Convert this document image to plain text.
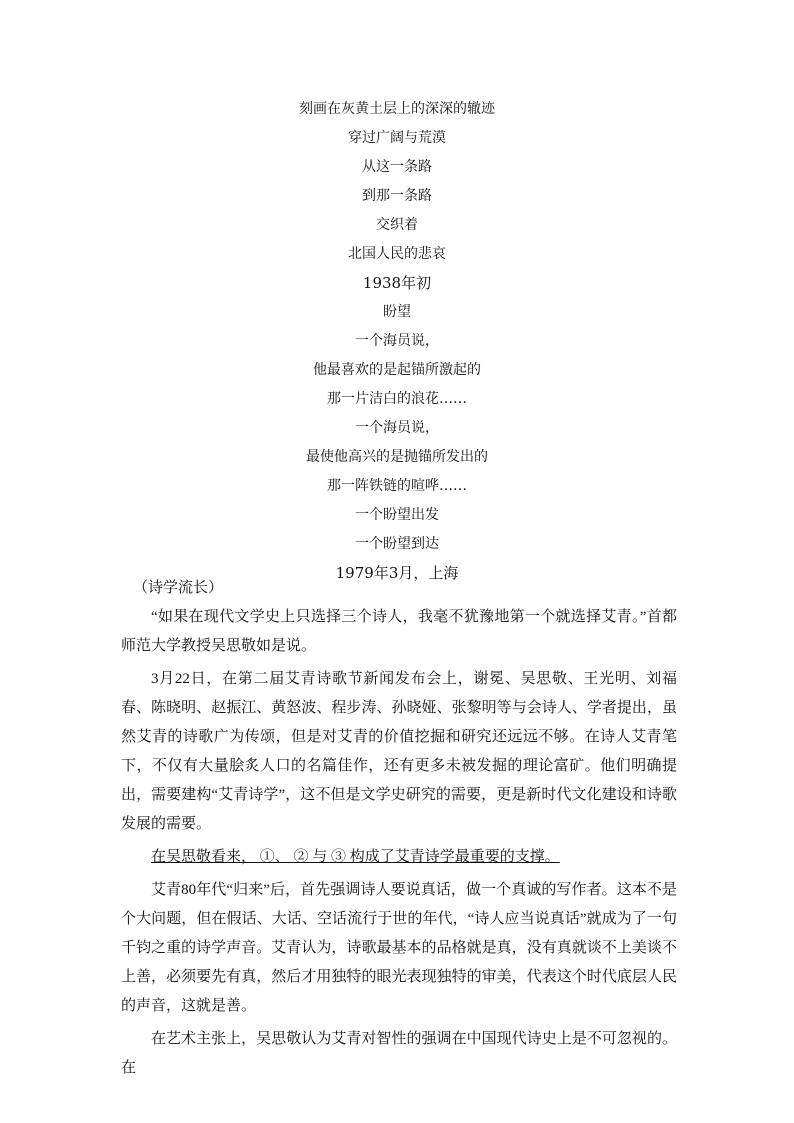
刻画在灰黄土层上的深深的辙迹
穿过广阔与荒漠
从这一条路
到那一条路
交织着
北国人民的悲哀
1938年初
盼望
一个海员说，
他最喜欢的是起锚所激起的
那一片洁白的浪花……
一个海员说，
最使他高兴的是抛锚所发出的
那一阵铁链的喧哗……
一个盼望出发
一个盼望到达
1979年3月，上海
（诗学流长）

“如果在现代文学史上只选择三个诗人，我毫不犹豫地第一个就选择艾青。”首都师范大学教授吴思敬如是说。

3月22日，在第二届艾青诗歌节新闻发布会上，谢冕、吴思敬、王光明、刘福春、陈晓明、赵振江、黄怒波、程步涛、孙晓娅、张黎明等与会诗人、学者提出，虽然艾青的诗歌广为传颂，但是对艾青的价值挖掘和研究还远远不够。在诗人艾青笔下，不仅有大量脍炙人口的名篇佳作，还有更多未被发掘的理论富矿。他们明确提出，需要建构“艾青诗学”，这不但是文学史研究的需要，更是新时代文化建设和诗歌发展的需要。

在吴思敬看来， ①、 ② 与 ③ 构成了艾青诗学最重要的支撑。

艾青80年代“归来”后，首先强调诗人要说真话，做一个真诚的写作者。这本不是个大问题，但在假话、大话、空话流行于世的年代，“诗人应当说真话”就成为了一句千钧之重的诗学声音。艾青认为，诗歌最基本的品格就是真，没有真就谈不上美谈不上善，必须要先有真，然后才用独特的眼光表现独特的审美，代表这个时代底层人民的声音，这就是善。

在艺术主张上，吴思敬认为艾青对智性的强调在中国现代诗史上是不可忽视的。在
